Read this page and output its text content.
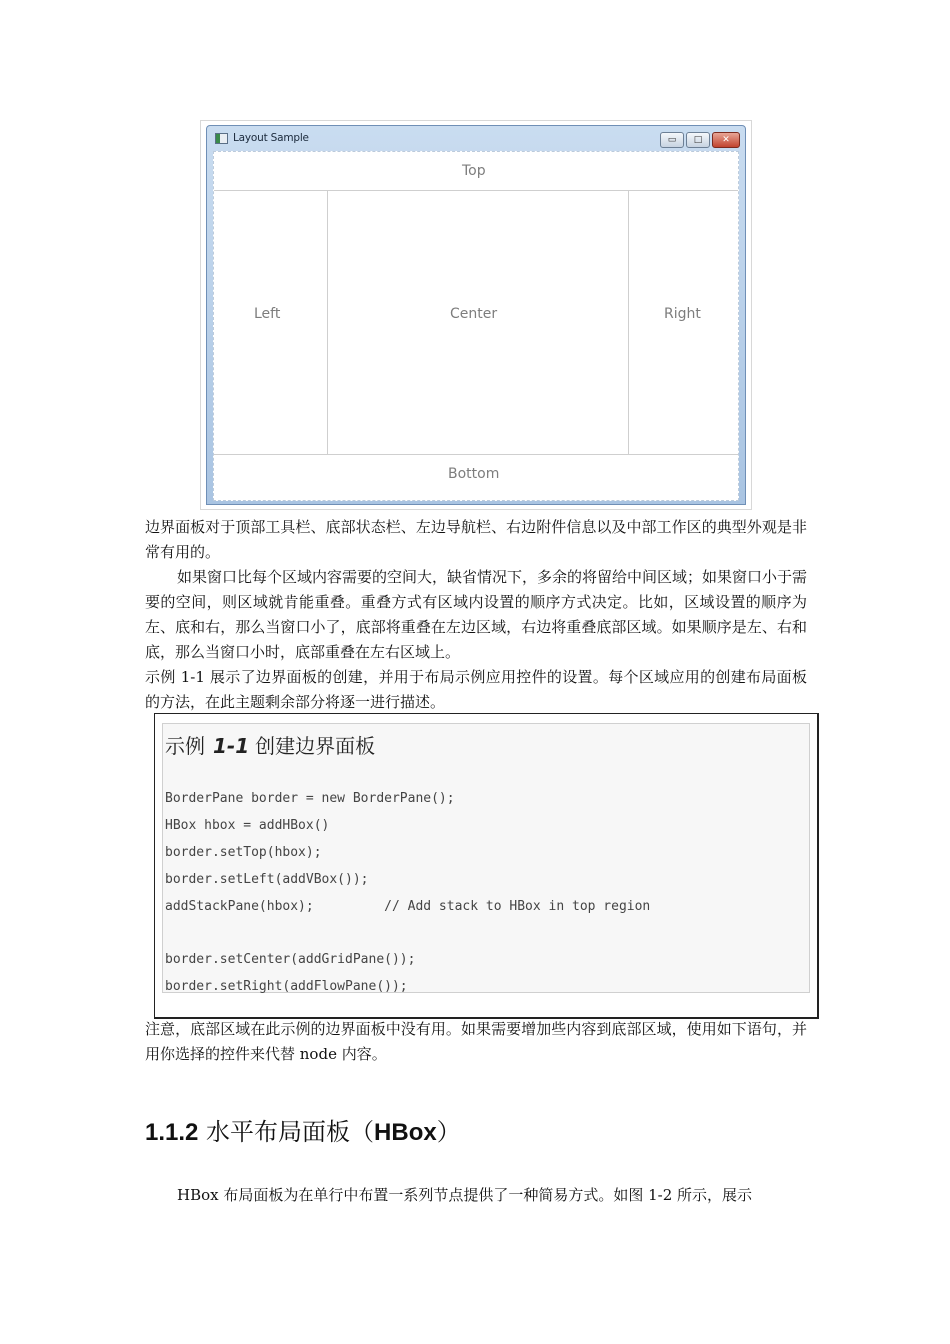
Layout Sample	▭	□	✕
Top
Left	Center	Right
Bottom

边界面板对于顶部工具栏、底部状态栏、左边导航栏、右边附件信息以及中部工作区的典型外观是非常有用的。

如果窗口比每个区域内容需要的空间大，缺省情况下，多余的将留给中间区域；如果窗口小于需要的空间，则区域就肯能重叠。重叠方式有区域内设置的顺序方式决定。比如，区域设置的顺序为左、底和右，那么当窗口小了，底部将重叠在左边区域，右边将重叠底部区域。如果顺序是左、右和底，那么当窗口小时，底部重叠在左右区域上。

示例 1-1 展示了边界面板的创建，并用于布局示例应用控件的设置。每个区域应用的创建布局面板的方法，在此主题剩余部分将逐一进行描述。

示例 1-1 创建边界面板
BorderPane border = new BorderPane();
HBox hbox = addHBox()
border.setTop(hbox);
border.setLeft(addVBox());
addStackPane(hbox);         // Add stack to HBox in top region
border.setCenter(addGridPane());
border.setRight(addFlowPane());

注意，底部区域在此示例的边界面板中没有用。如果需要增加些内容到底部区域，使用如下语句，并用你选择的控件来代替 node 内容。

1.1.2 水平布局面板（HBox）

HBox 布局面板为在单行中布置一系列节点提供了一种简易方式。如图 1-2 所示，展示
